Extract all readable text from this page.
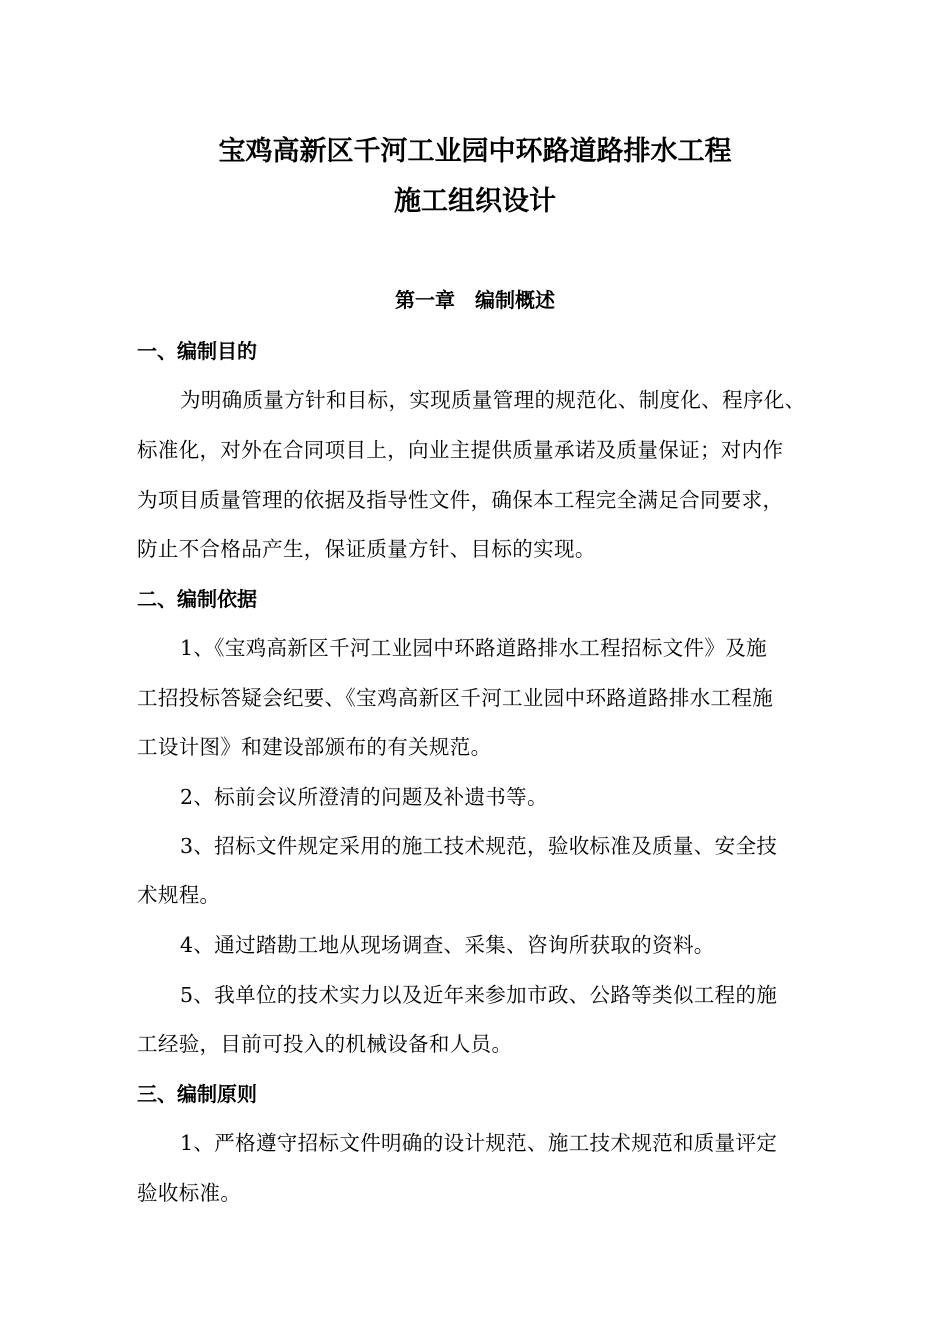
宝鸡高新区千河工业园中环路道路排水工程
施工组织设计
第一章　编制概述
一、编制目的
为明确质量方针和目标，实现质量管理的规范化、制度化、程序化、
标准化，对外在合同项目上，向业主提供质量承诺及质量保证；对内作
为项目质量管理的依据及指导性文件，确保本工程完全满足合同要求，
防止不合格品产生，保证质量方针、目标的实现。
二、编制依据
1、《宝鸡高新区千河工业园中环路道路排水工程招标文件》及施
工招投标答疑会纪要、《宝鸡高新区千河工业园中环路道路排水工程施
工设计图》和建设部颁布的有关规范。
2、标前会议所澄清的问题及补遗书等。
3、招标文件规定采用的施工技术规范，验收标准及质量、安全技
术规程。
4、通过踏勘工地从现场调查、采集、咨询所获取的资料。
5、我单位的技术实力以及近年来参加市政、公路等类似工程的施
工经验，目前可投入的机械设备和人员。
三、编制原则
1、严格遵守招标文件明确的设计规范、施工技术规范和质量评定
验收标准。
